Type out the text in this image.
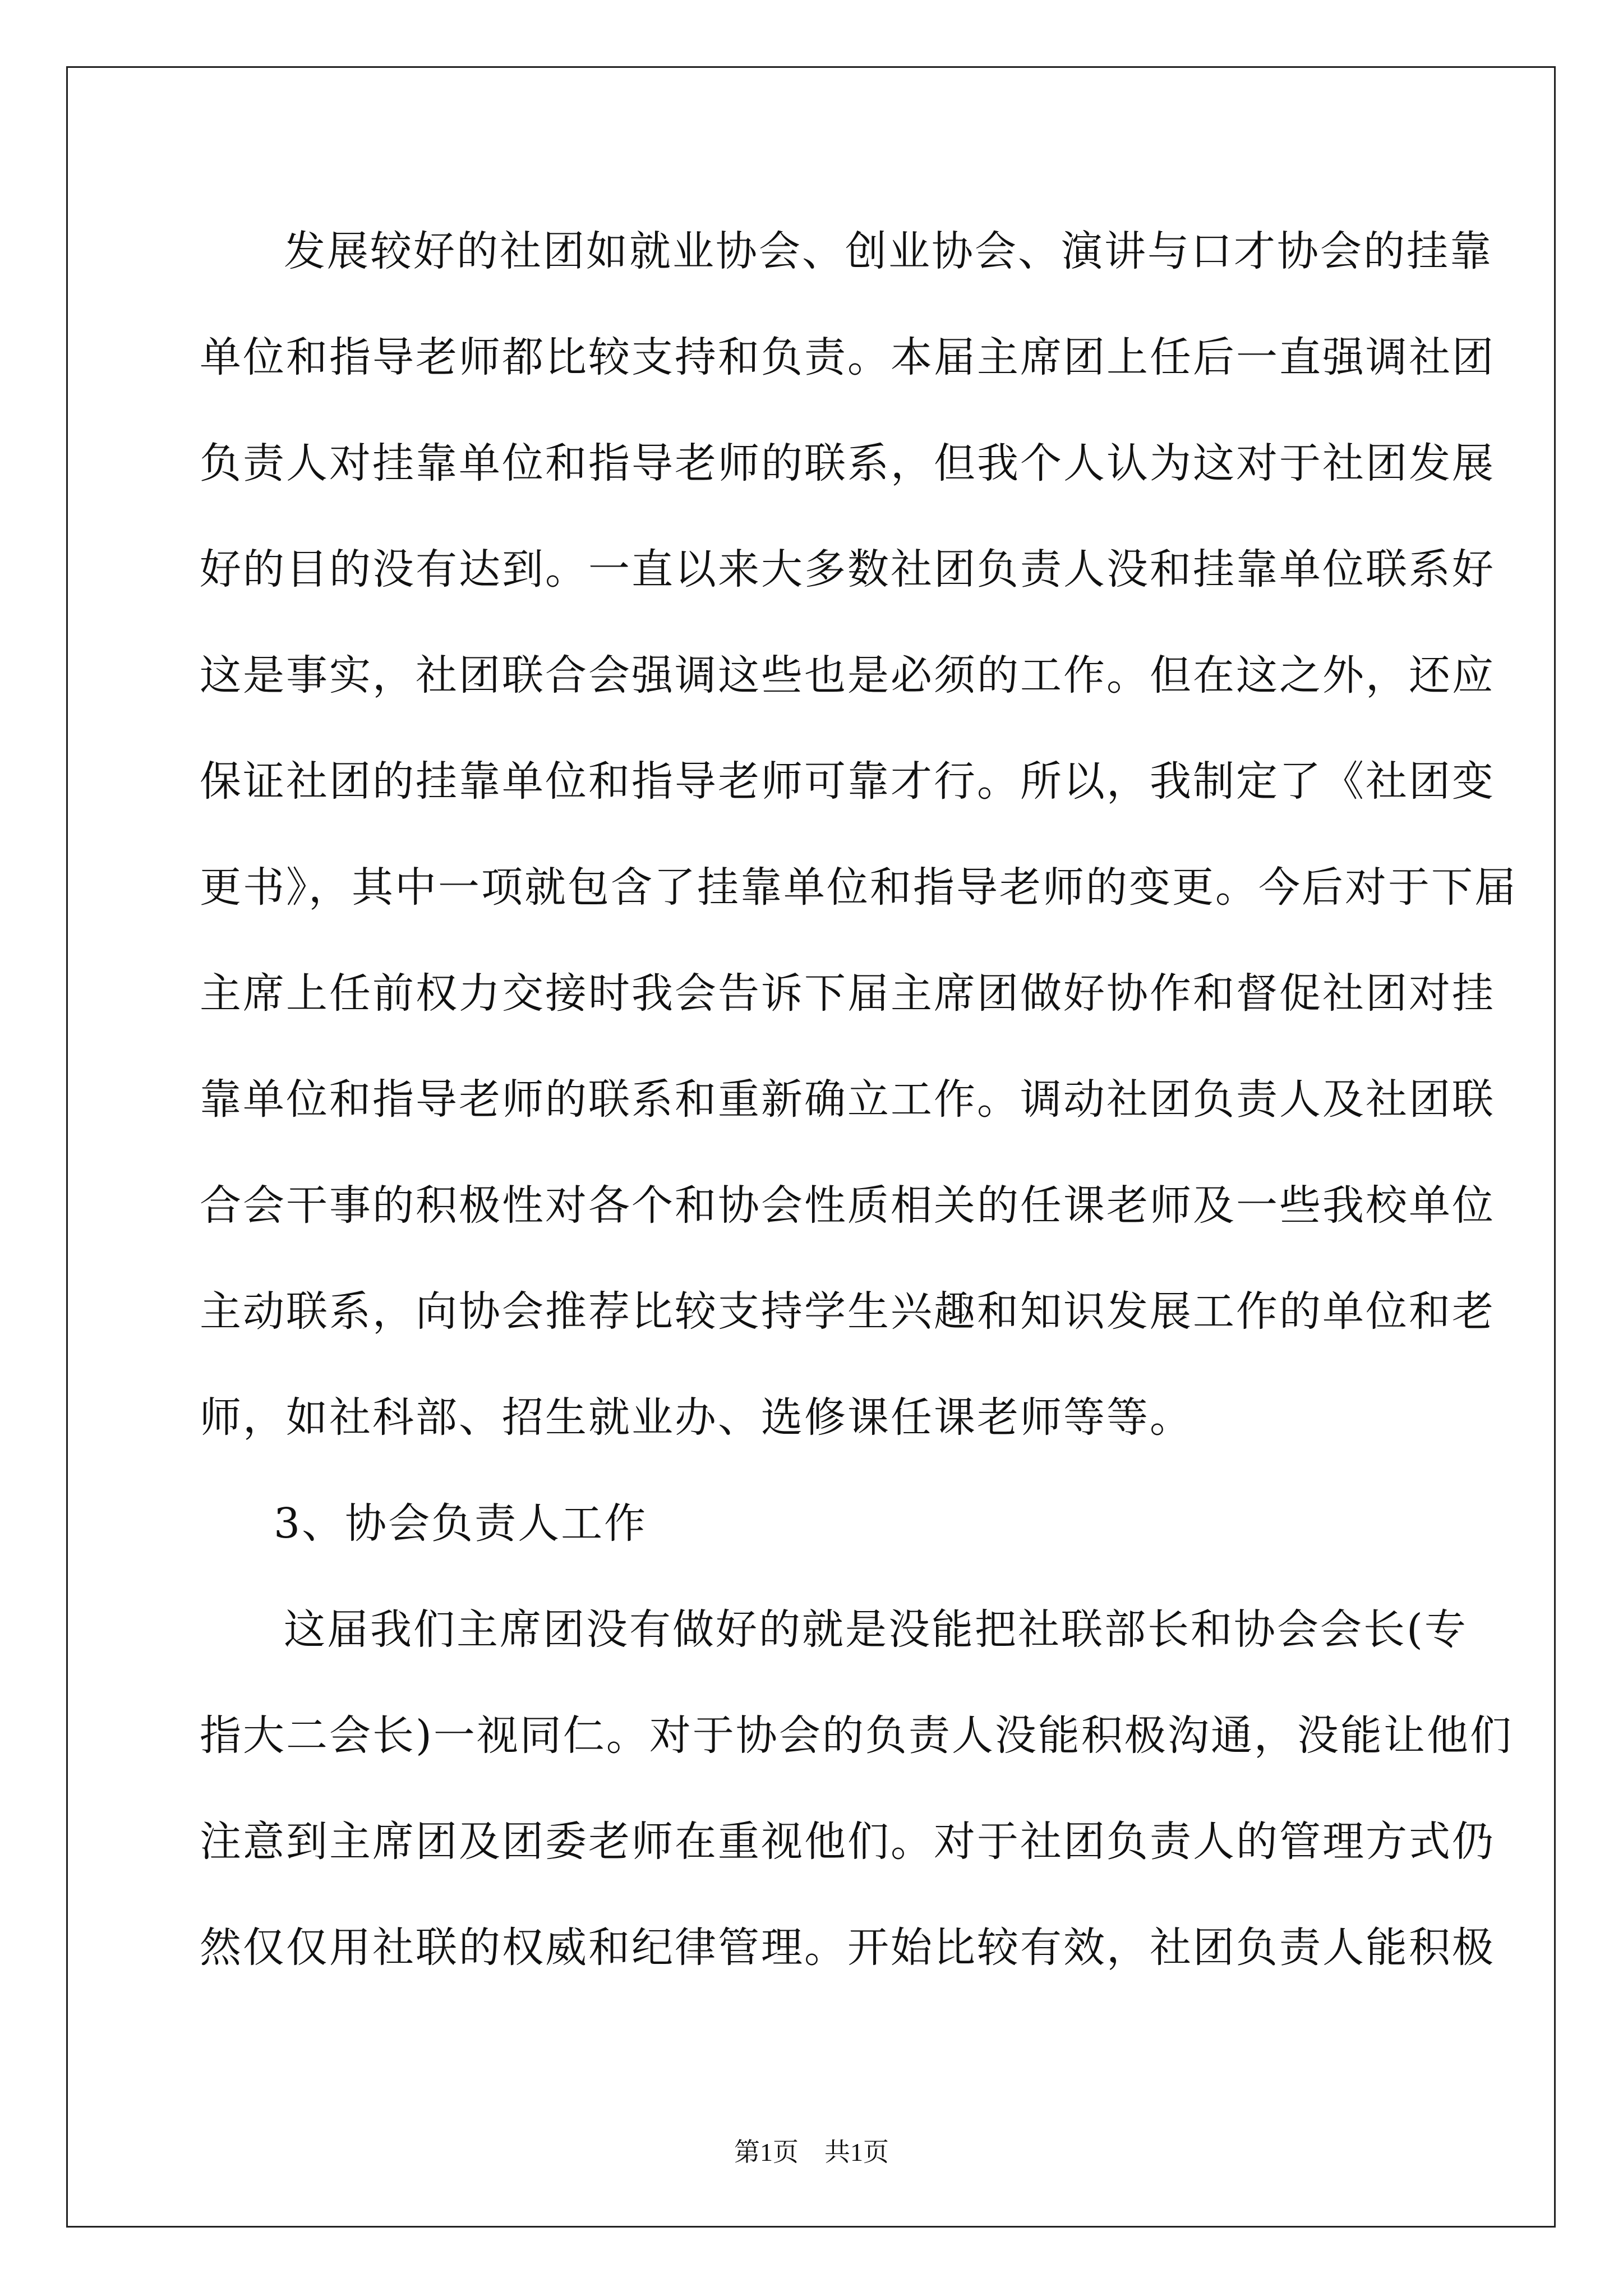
发展较好的社团如就业协会、创业协会、演讲与口才协会的挂靠
单位和指导老师都比较支持和负责。本届主席团上任后一直强调社团
负责人对挂靠单位和指导老师的联系，但我个人认为这对于社团发展
好的目的没有达到。一直以来大多数社团负责人没和挂靠单位联系好
这是事实，社团联合会强调这些也是必须的工作。但在这之外，还应
保证社团的挂靠单位和指导老师可靠才行。所以，我制定了《社团变
更书》，其中一项就包含了挂靠单位和指导老师的变更。今后对于下届
主席上任前权力交接时我会告诉下届主席团做好协作和督促社团对挂
靠单位和指导老师的联系和重新确立工作。调动社团负责人及社团联
合会干事的积极性对各个和协会性质相关的任课老师及一些我校单位
主动联系，向协会推荐比较支持学生兴趣和知识发展工作的单位和老
师，如社科部、招生就业办、选修课任课老师等等。
3、协会负责人工作
这届我们主席团没有做好的就是没能把社联部长和协会会长(专
指大二会长)一视同仁。对于协会的负责人没能积极沟通，没能让他们
注意到主席团及团委老师在重视他们。对于社团负责人的管理方式仍
然仅仅用社联的权威和纪律管理。开始比较有效，社团负责人能积极
第1页　共1页
